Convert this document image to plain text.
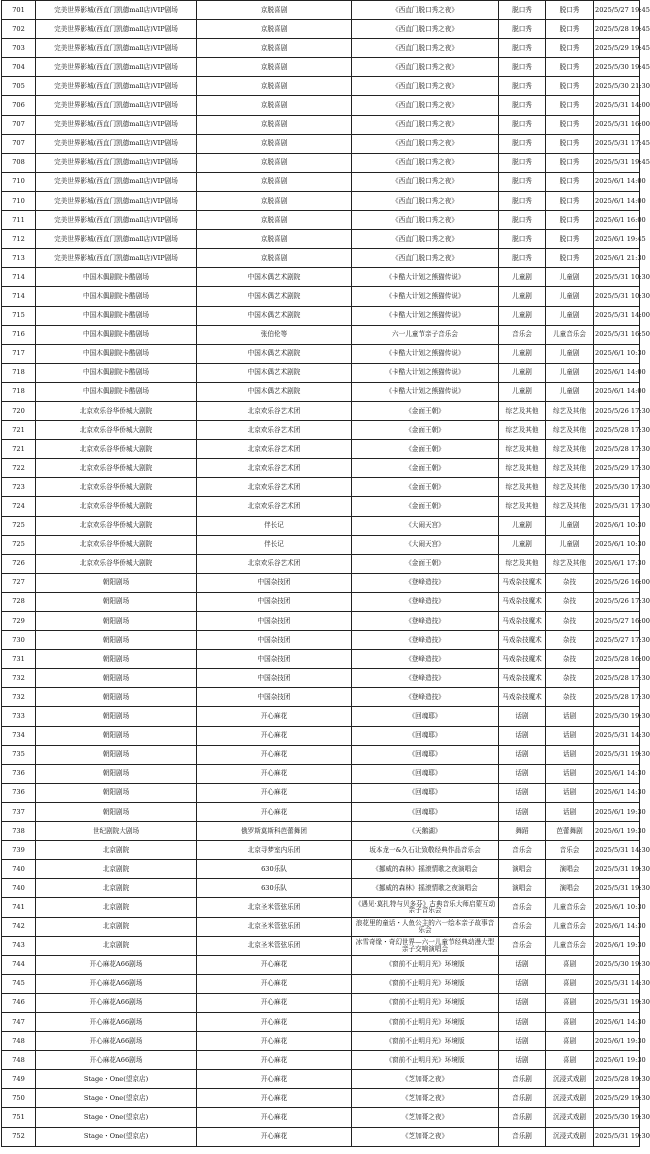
701	完美世界影城(西直门凯德mall店)VIP剧场	京脱喜剧	《西直门脱口秀之夜》	脱口秀	脱口秀	2025/5/27 19:45
702	完美世界影城(西直门凯德mall店)VIP剧场	京脱喜剧	《西直门脱口秀之夜》	脱口秀	脱口秀	2025/5/28 19:45
703	完美世界影城(西直门凯德mall店)VIP剧场	京脱喜剧	《西直门脱口秀之夜》	脱口秀	脱口秀	2025/5/29 19:45
704	完美世界影城(西直门凯德mall店)VIP剧场	京脱喜剧	《西直门脱口秀之夜》	脱口秀	脱口秀	2025/5/30 19:45
705	完美世界影城(西直门凯德mall店)VIP剧场	京脱喜剧	《西直门脱口秀之夜》	脱口秀	脱口秀	2025/5/30 21:30
706	完美世界影城(西直门凯德mall店)VIP剧场	京脱喜剧	《西直门脱口秀之夜》	脱口秀	脱口秀	2025/5/31 14:00
707	完美世界影城(西直门凯德mall店)VIP剧场	京脱喜剧	《西直门脱口秀之夜》	脱口秀	脱口秀	2025/5/31 16:00
707	完美世界影城(西直门凯德mall店)VIP剧场	京脱喜剧	《西直门脱口秀之夜》	脱口秀	脱口秀	2025/5/31 17:45
708	完美世界影城(西直门凯德mall店)VIP剧场	京脱喜剧	《西直门脱口秀之夜》	脱口秀	脱口秀	2025/5/31 19:45
710	完美世界影城(西直门凯德mall店)VIP剧场	京脱喜剧	《西直门脱口秀之夜》	脱口秀	脱口秀	2025/6/1 14:00
710	完美世界影城(西直门凯德mall店)VIP剧场	京脱喜剧	《西直门脱口秀之夜》	脱口秀	脱口秀	2025/6/1 14:00
711	完美世界影城(西直门凯德mall店)VIP剧场	京脱喜剧	《西直门脱口秀之夜》	脱口秀	脱口秀	2025/6/1 16:00
712	完美世界影城(西直门凯德mall店)VIP剧场	京脱喜剧	《西直门脱口秀之夜》	脱口秀	脱口秀	2025/6/1 19:45
713	完美世界影城(西直门凯德mall店)VIP剧场	京脱喜剧	《西直门脱口秀之夜》	脱口秀	脱口秀	2025/6/1 21:30
714	中国木偶剧院卡酷剧场	中国木偶艺术剧院	《卡酷大计划之熊猫传说》	儿童剧	儿童剧	2025/5/31 10:30
714	中国木偶剧院卡酷剧场	中国木偶艺术剧院	《卡酷大计划之熊猫传说》	儿童剧	儿童剧	2025/5/31 10:30
715	中国木偶剧院卡酷剧场	中国木偶艺术剧院	《卡酷大计划之熊猫传说》	儿童剧	儿童剧	2025/5/31 14:00
716	中国木偶剧院卡酷剧场	张伯伦等	六一儿童节亲子音乐会	音乐会	儿童音乐会	2025/5/31 16:50
717	中国木偶剧院卡酷剧场	中国木偶艺术剧院	《卡酷大计划之熊猫传说》	儿童剧	儿童剧	2025/6/1 10:30
718	中国木偶剧院卡酷剧场	中国木偶艺术剧院	《卡酷大计划之熊猫传说》	儿童剧	儿童剧	2025/6/1 14:00
718	中国木偶剧院卡酷剧场	中国木偶艺术剧院	《卡酷大计划之熊猫传说》	儿童剧	儿童剧	2025/6/1 14:00
720	北京欢乐谷华侨城大剧院	北京欢乐谷艺术团	《金面王朝》	综艺及其他	综艺及其他	2025/5/26 17:30
721	北京欢乐谷华侨城大剧院	北京欢乐谷艺术团	《金面王朝》	综艺及其他	综艺及其他	2025/5/28 17:30
721	北京欢乐谷华侨城大剧院	北京欢乐谷艺术团	《金面王朝》	综艺及其他	综艺及其他	2025/5/28 17:30
722	北京欢乐谷华侨城大剧院	北京欢乐谷艺术团	《金面王朝》	综艺及其他	综艺及其他	2025/5/29 17:30
723	北京欢乐谷华侨城大剧院	北京欢乐谷艺术团	《金面王朝》	综艺及其他	综艺及其他	2025/5/30 17:30
724	北京欢乐谷华侨城大剧院	北京欢乐谷艺术团	《金面王朝》	综艺及其他	综艺及其他	2025/5/31 17:30
725	北京欢乐谷华侨城大剧院	伴长记	《大闹天宫》	儿童剧	儿童剧	2025/6/1 10:30
725	北京欢乐谷华侨城大剧院	伴长记	《大闹天宫》	儿童剧	儿童剧	2025/6/1 10:30
726	北京欢乐谷华侨城大剧院	北京欢乐谷艺术团	《金面王朝》	综艺及其他	综艺及其他	2025/6/1 17:30
727	朝阳剧场	中国杂技团	《登峰造技》	马戏杂技魔术	杂技	2025/5/26 16:00
728	朝阳剧场	中国杂技团	《登峰造技》	马戏杂技魔术	杂技	2025/5/26 17:30
729	朝阳剧场	中国杂技团	《登峰造技》	马戏杂技魔术	杂技	2025/5/27 16:00
730	朝阳剧场	中国杂技团	《登峰造技》	马戏杂技魔术	杂技	2025/5/27 17:30
731	朝阳剧场	中国杂技团	《登峰造技》	马戏杂技魔术	杂技	2025/5/28 16:00
732	朝阳剧场	中国杂技团	《登峰造技》	马戏杂技魔术	杂技	2025/5/28 17:30
732	朝阳剧场	中国杂技团	《登峰造技》	马戏杂技魔术	杂技	2025/5/28 17:30
733	朝阳剧场	开心麻花	《回魂耶》	话剧	话剧	2025/5/30 19:30
734	朝阳剧场	开心麻花	《回魂耶》	话剧	话剧	2025/5/31 14:30
735	朝阳剧场	开心麻花	《回魂耶》	话剧	话剧	2025/5/31 19:30
736	朝阳剧场	开心麻花	《回魂耶》	话剧	话剧	2025/6/1 14:30
736	朝阳剧场	开心麻花	《回魂耶》	话剧	话剧	2025/6/1 14:30
737	朝阳剧场	开心麻花	《回魂耶》	话剧	话剧	2025/6/1 19:30
738	世纪剧院大剧场	俄罗斯莫斯科芭蕾舞团	《天鹅湖》	舞蹈	芭蕾舞剧	2025/6/1 19:30
739	北京剧院	北京寻梦室内乐团	坂本龙一&久石让致敬经典作品音乐会	音乐会	音乐会	2025/5/31 14:30
740	北京剧院	630乐队	《挪威的森林》摇滚情歌之夜演唱会	演唱会	演唱会	2025/5/31 19:30
740	北京剧院	630乐队	《挪威的森林》摇滚情歌之夜演唱会	演唱会	演唱会	2025/5/31 19:30
741	北京剧院	北京圣米管弦乐团	《遇见·莫扎特与贝多芬》古典音乐大师启蒙互动亲子音乐会	音乐会	儿童音乐会	2025/6/1 10:30
742	北京剧院	北京圣米管弦乐团	浪花里的童话・人鱼公主的六一绘本亲子故事音乐会	音乐会	儿童音乐会	2025/6/1 14:30
743	北京剧院	北京圣米管弦乐团	冰雪奇缘・奇幻世界—六一儿童节经典动漫大型亲子交响演唱会	音乐会	儿童音乐会	2025/6/1 19:30
744	开心麻花A66剧场	开心麻花	《窗前不止明月光》环境版	话剧	喜剧	2025/5/30 19:30
745	开心麻花A66剧场	开心麻花	《窗前不止明月光》环境版	话剧	喜剧	2025/5/31 14:30
746	开心麻花A66剧场	开心麻花	《窗前不止明月光》环境版	话剧	喜剧	2025/5/31 19:30
747	开心麻花A66剧场	开心麻花	《窗前不止明月光》环境版	话剧	喜剧	2025/6/1 14:30
748	开心麻花A66剧场	开心麻花	《窗前不止明月光》环境版	话剧	喜剧	2025/6/1 19:30
748	开心麻花A66剧场	开心麻花	《窗前不止明月光》环境版	话剧	喜剧	2025/6/1 19:30
749	Stage・One(望京店)	开心麻花	《芝加哥之夜》	音乐剧	沉浸式戏剧	2025/5/28 19:30
750	Stage・One(望京店)	开心麻花	《芝加哥之夜》	音乐剧	沉浸式戏剧	2025/5/29 19:30
751	Stage・One(望京店)	开心麻花	《芝加哥之夜》	音乐剧	沉浸式戏剧	2025/5/30 19:30
752	Stage・One(望京店)	开心麻花	《芝加哥之夜》	音乐剧	沉浸式戏剧	2025/5/31 19:30
